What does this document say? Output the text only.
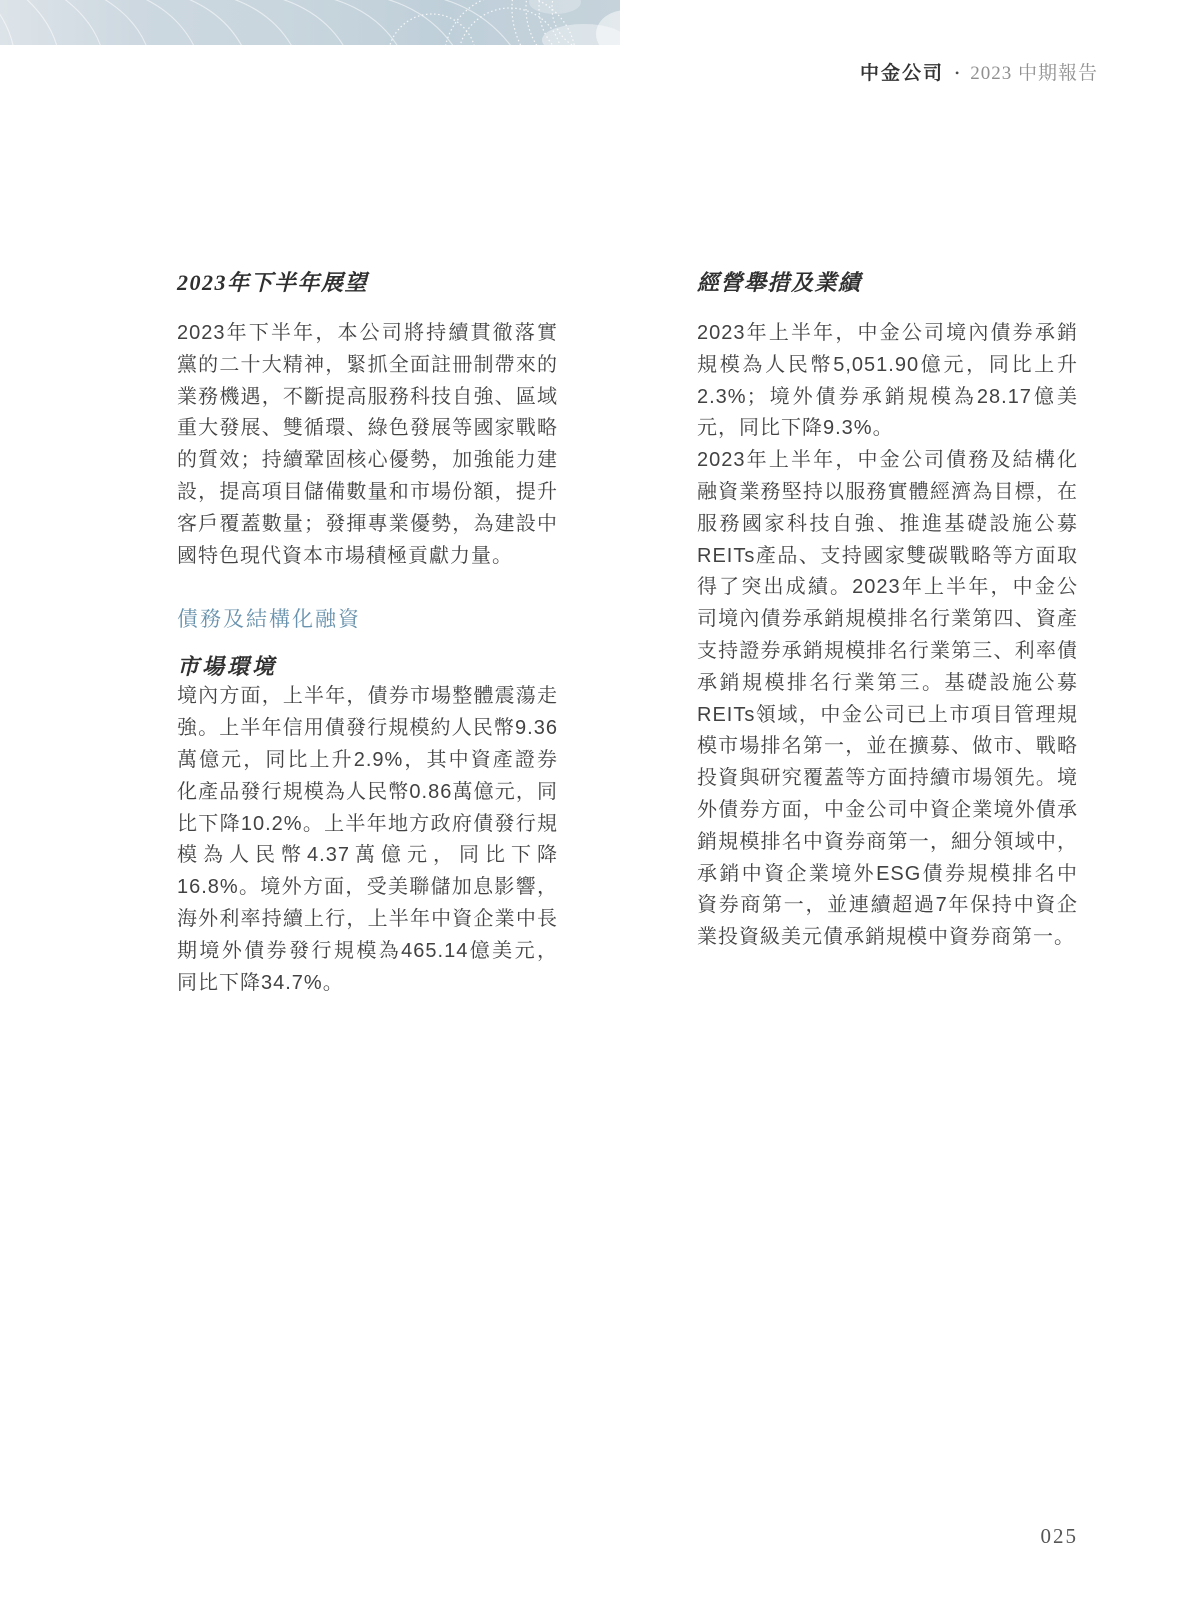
中金公司 • 2023 中期報告
2023年下半年展望

2023年下半年，本公司將持續貫徹落實黨的二十大精神，緊抓全面註冊制帶來的業務機遇，不斷提高服務科技自強、區域重大發展、雙循環、綠色發展等國家戰略的質效；持續鞏固核心優勢，加強能力建設，提高項目儲備數量和市場份額，提升客戶覆蓋數量；發揮專業優勢，為建設中國特色現代資本市場積極貢獻力量。

債務及結構化融資
市場環境

境內方面，上半年，債券市場整體震蕩走強。上半年信用債發行規模約人民幣9.36萬億元，同比上升2.9%，其中資產證券化產品發行規模為人民幣0.86萬億元，同比下降10.2%。上半年地方政府債發行規模為人民幣4.37萬億元，同比下降16.8%。境外方面，受美聯儲加息影響，海外利率持續上行，上半年中資企業中長期境外債券發行規模為465.14億美元，同比下降34.7%。

經營舉措及業績

2023年上半年，中金公司境內債券承銷規模為人民幣5,051.90億元，同比上升2.3%；境外債券承銷規模為28.17億美元，同比下降9.3%。

2023年上半年，中金公司債務及結構化融資業務堅持以服務實體經濟為目標，在服務國家科技自強、推進基礎設施公募REITs產品、支持國家雙碳戰略等方面取得了突出成績。2023年上半年，中金公司境內債券承銷規模排名行業第四、資產支持證券承銷規模排名行業第三、利率債承銷規模排名行業第三。基礎設施公募REITs領域，中金公司已上市項目管理規模市場排名第一，並在擴募、做市、戰略投資與研究覆蓋等方面持續市場領先。境外債券方面，中金公司中資企業境外債承銷規模排名中資券商第一，細分領域中，承銷中資企業境外ESG債券規模排名中資券商第一，並連續超過7年保持中資企業投資級美元債承銷規模中資券商第一。

025
